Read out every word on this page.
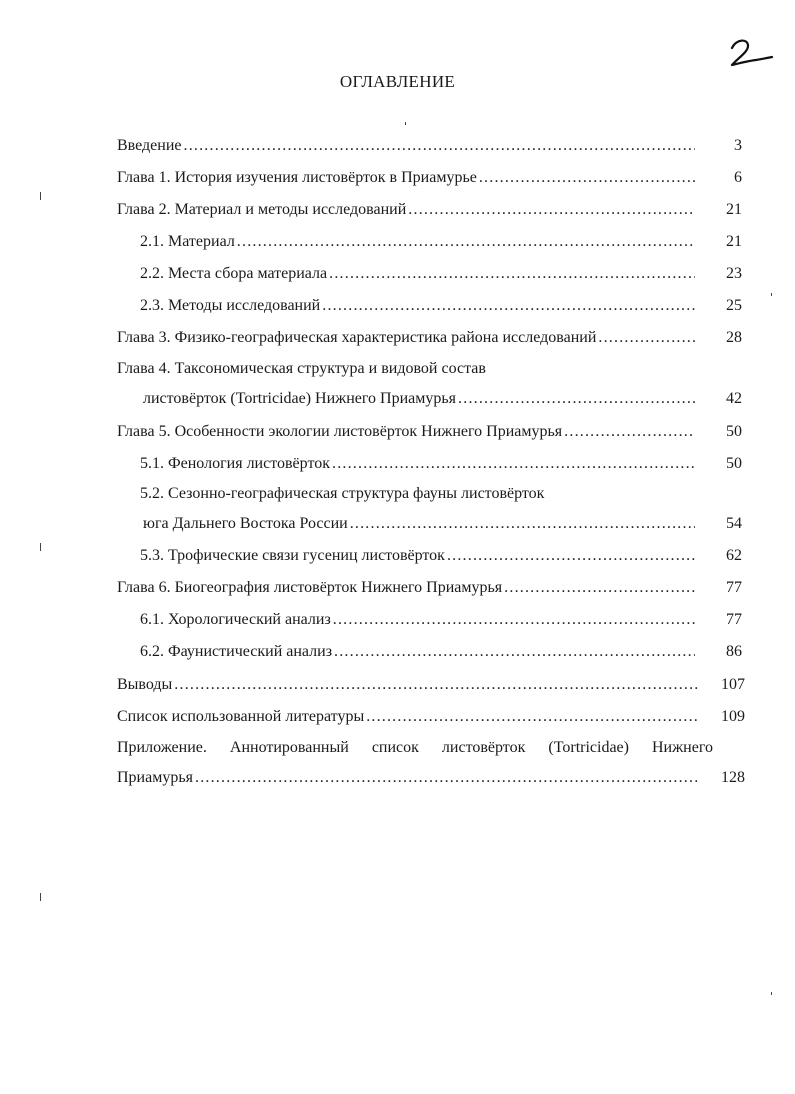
ОГЛАВЛЕНИЕ
Введение .....	3
Глава 1. История изучения листовёрток в Приамурье .....	6
Глава 2. Материал и методы исследований .....	21
2.1. Материал .....	21
2.2. Места сбора материала .....	23
2.3. Методы исследований .....	25
Глава 3. Физико-географическая характеристика района исследований .....	28
Глава 4. Таксономическая структура и видовой состав
листовёрток (Tortricidae) Нижнего Приамурья .....	42
Глава 5. Особенности экологии листовёрток Нижнего Приамурья .....	50
5.1. Фенология листовёрток .....	50
5.2. Сезонно-географическая структура фауны листовёрток
юга Дальнего Востока России .....	54
5.3. Трофические связи гусениц листовёрток .....	62
Глава 6. Биогеография листовёрток Нижнего Приамурья .....	77
6.1. Хорологический анализ .....	77
6.2. Фаунистический анализ .....	86
Выводы .....	107
Список использованной литературы .....	109
Приложение. Аннотированный список листовёрток (Tortricidae) Нижнего
Приамурья .....	128
